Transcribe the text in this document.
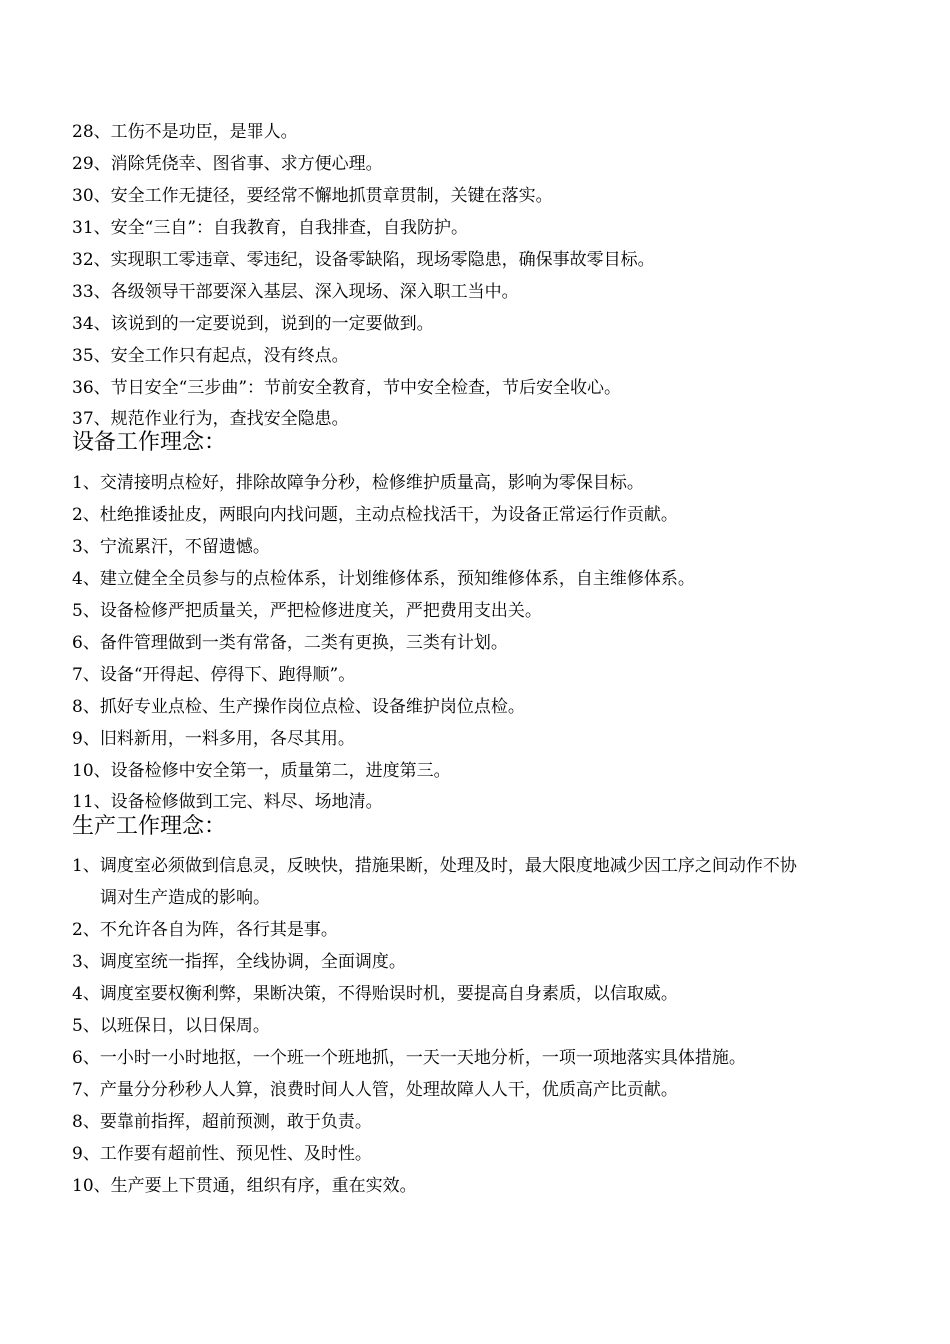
28、工伤不是功臣，是罪人。
29、消除凭侥幸、图省事、求方便心理。
30、安全工作无捷径，要经常不懈地抓贯章贯制，关键在落实。
31、安全“三自”：自我教育，自我排查，自我防护。
32、实现职工零违章、零违纪，设备零缺陷，现场零隐患，确保事故零目标。
33、各级领导干部要深入基层、深入现场、深入职工当中。
34、该说到的一定要说到，说到的一定要做到。
35、安全工作只有起点，没有终点。
36、节日安全“三步曲”：节前安全教育，节中安全检查，节后安全收心。
37、规范作业行为，查找安全隐患。
设备工作理念：
1、交清接明点检好，排除故障争分秒，检修维护质量高，影响为零保目标。
2、杜绝推诿扯皮，两眼向内找问题，主动点检找活干，为设备正常运行作贡献。
3、宁流累汗，不留遗憾。
4、建立健全全员参与的点检体系，计划维修体系，预知维修体系，自主维修体系。
5、设备检修严把质量关，严把检修进度关，严把费用支出关。
6、备件管理做到一类有常备，二类有更换，三类有计划。
7、设备“开得起、停得下、跑得顺”。
8、抓好专业点检、生产操作岗位点检、设备维护岗位点检。
9、旧料新用，一料多用，各尽其用。
10、设备检修中安全第一，质量第二，进度第三。
11、设备检修做到工完、料尽、场地清。
生产工作理念：
1、调度室必须做到信息灵，反映快，措施果断，处理及时，最大限度地减少因工序之间动作不协
调对生产造成的影响。
2、不允许各自为阵，各行其是事。
3、调度室统一指挥，全线协调，全面调度。
4、调度室要权衡利弊，果断决策，不得贻误时机，要提高自身素质，以信取威。
5、以班保日，以日保周。
6、一小时一小时地抠，一个班一个班地抓，一天一天地分析，一项一项地落实具体措施。
7、产量分分秒秒人人算，浪费时间人人管，处理故障人人干，优质高产比贡献。
8、要靠前指挥，超前预测，敢于负责。
9、工作要有超前性、预见性、及时性。
10、生产要上下贯通，组织有序，重在实效。
